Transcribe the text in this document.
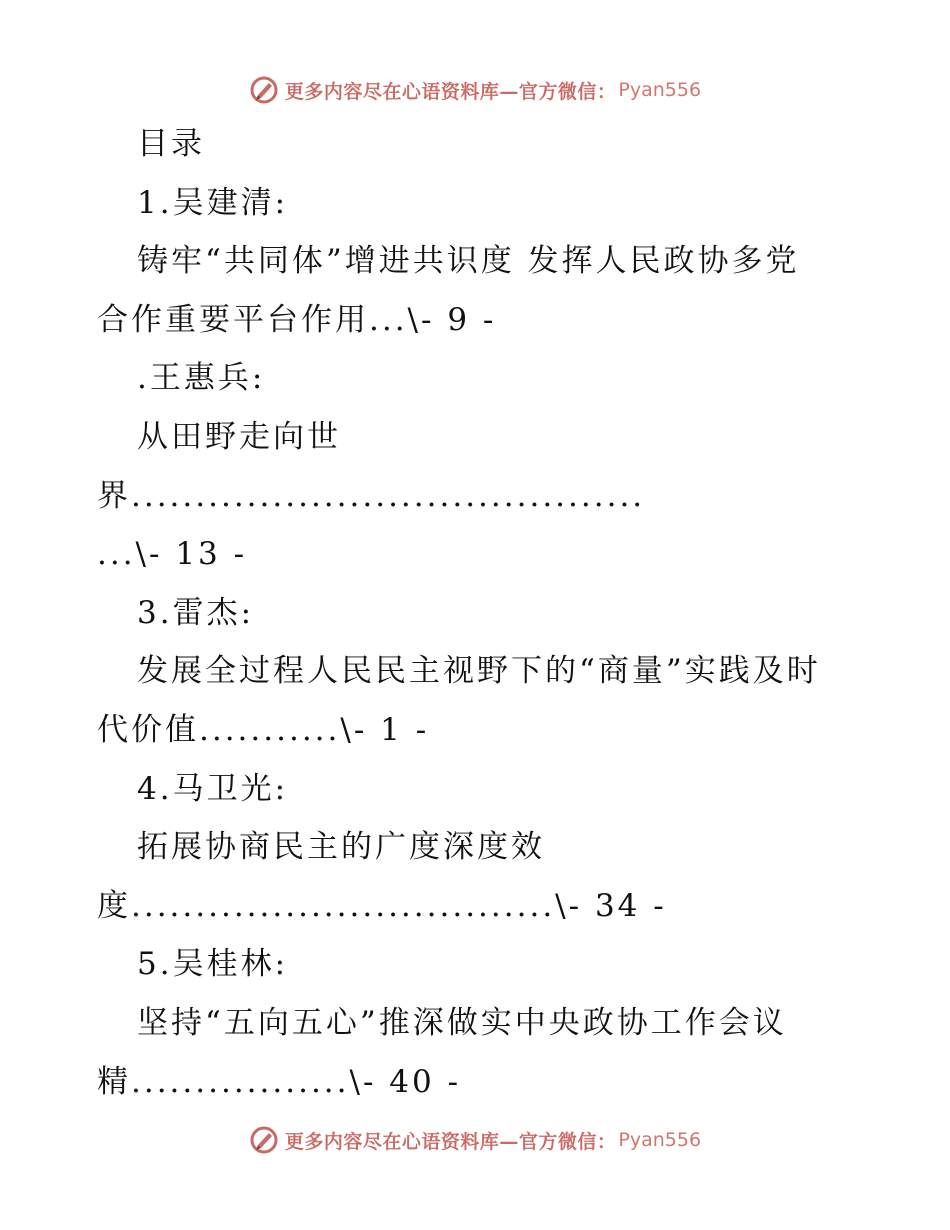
更多内容尽在心语资料库—官方微信： Pyan556
目录
1.吴建清:
铸牢“共同体”增进共识度 发挥人民政协多党
合作重要平台作用...\- 9 -
.王惠兵:
从田野走向世
界........................................
...\- 13 -
3.雷杰:
发展全过程人民民主视野下的“商量”实践及时
代价值...........\- 1 -
4.马卫光:
拓展协商民主的广度深度效
度.................................\- 34 -
5.吴桂林:
坚持“五向五心”推深做实中央政协工作会议
精.................\- 40 -
更多内容尽在心语资料库—官方微信： Pyan556
